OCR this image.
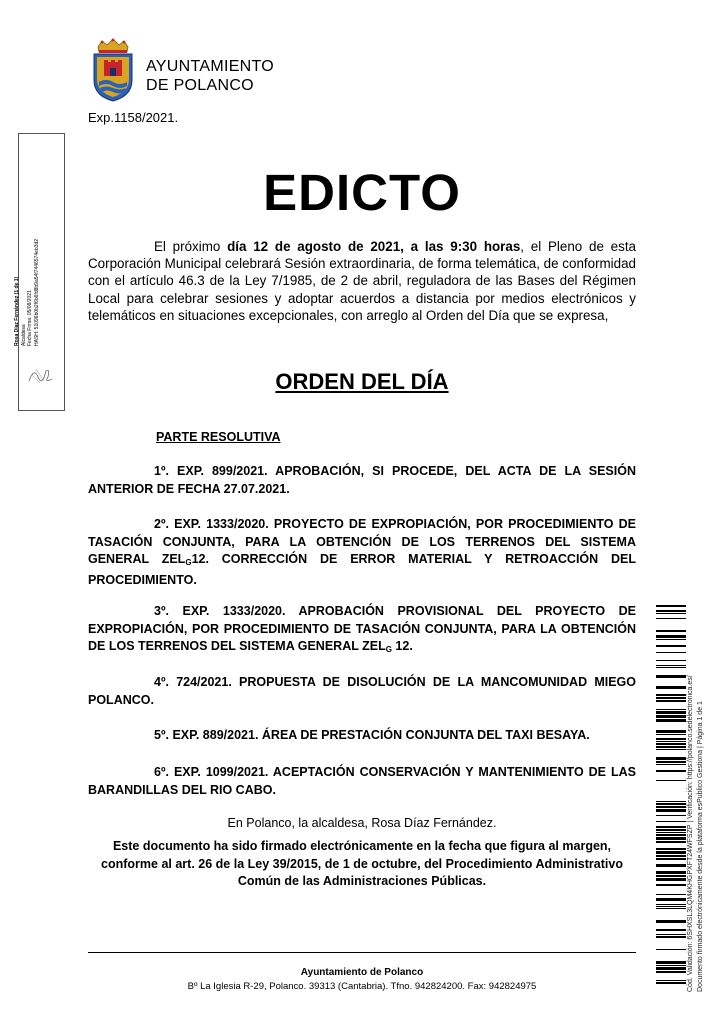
AYUNTAMIENTO
DE POLANCO
Exp.1158/2021.
Rosa Díaz Fernández (1 de 1) Alcaldesa Fecha Firma: 05/08/2021 HASH: 51096b0b2f6b6fd8b9a54f7446574eb3d2
EDICTO
El próximo día 12 de agosto de 2021, a las 9:30 horas, el Pleno de esta Corporación Municipal celebrará Sesión extraordinaria, de forma telemática, de conformidad con el artículo 46.3 de la Ley 7/1985, de 2 de abril, reguladora de las Bases del Régimen Local para celebrar sesiones y adoptar acuerdos a distancia por medios electrónicos y telemáticos en situaciones excepcionales, con arreglo al Orden del Día que se expresa,
ORDEN DEL DÍA
PARTE RESOLUTIVA
1º. EXP. 899/2021. APROBACIÓN, SI PROCEDE, DEL ACTA DE LA SESIÓN ANTERIOR DE FECHA 27.07.2021.
2º. EXP. 1333/2020. PROYECTO DE EXPROPIACIÓN, POR PROCEDIMIENTO DE TASACIÓN CONJUNTA, PARA LA OBTENCIÓN DE LOS TERRENOS DEL SISTEMA GENERAL $ZEL_G12$. CORRECCIÓN DE ERROR MATERIAL Y RETROACCIÓN DEL PROCEDIMIENTO.
3º. EXP. 1333/2020. APROBACIÓN PROVISIONAL DEL PROYECTO DE EXPROPIACIÓN, POR PROCEDIMIENTO DE TASACIÓN CONJUNTA, PARA LA OBTENCIÓN DE LOS TERRENOS DEL SISTEMA GENERAL $ZEL_G$ 12.
4º. 724/2021. PROPUESTA DE DISOLUCIÓN DE LA MANCOMUNIDAD MIEGO POLANCO.
5º. EXP. 889/2021. ÁREA DE PRESTACIÓN CONJUNTA DEL TAXI BESAYA.
6º. EXP. 1099/2021. ACEPTACIÓN CONSERVACIÓN Y MANTENIMIENTO DE LAS BARANDILLAS DEL RIO CABO.
En Polanco, la alcaldesa, Rosa Díaz Fernández.
Este documento ha sido firmado electrónicamente en la fecha que figura al margen, conforme al art. 26 de la Ley 39/2015, de 1 de octubre, del Procedimiento Administrativo Común de las Administraciones Públicas.
Ayuntamiento de Polanco
Bº La Iglesia R-29, Polanco. 39313 (Cantabria). Tfno. 942824200. Fax: 942824975	Cód. Validación: 6SHXSL3LQM4KHGPXFT24WFSZP | Verificación: https://polanco.sedelectronica.es/ Documento firmado electrónicamente desde la plataforma esPublico Gestiona | Página 1 de 1
